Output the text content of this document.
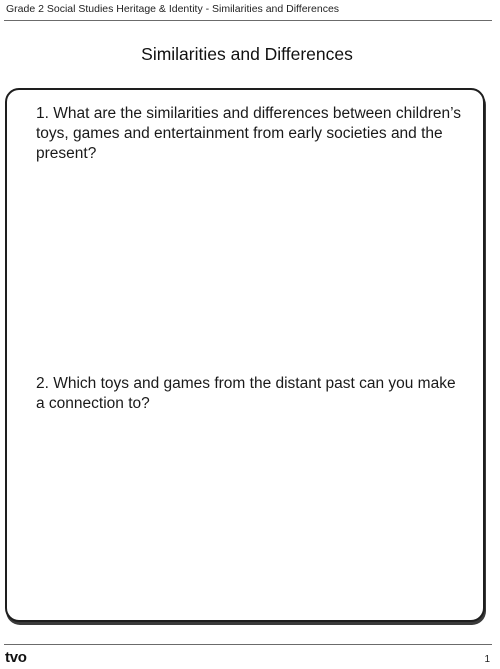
Grade 2 Social Studies Heritage & Identity - Similarities and Differences
Similarities and Differences
1. What are the similarities and differences between children’s toys, games and entertainment from early societies and the present?
2. Which toys and games from the distant past can you make a connection to?
tvo	1
